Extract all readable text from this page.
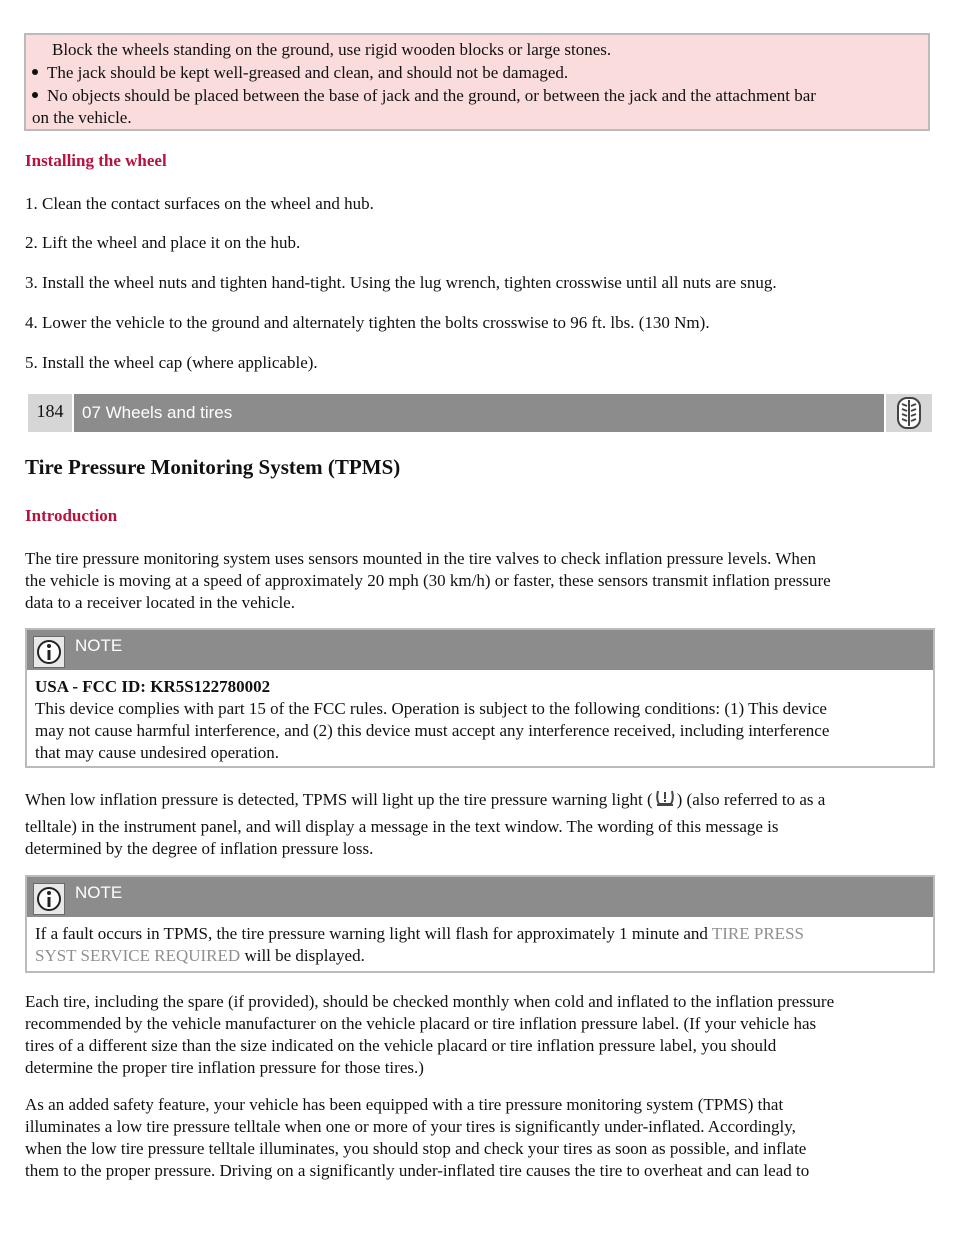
Block the wheels standing on the ground, use rigid wooden blocks or large stones.
The jack should be kept well-greased and clean, and should not be damaged.
No objects should be placed between the base of jack and the ground, or between the jack and the attachment bar
on the vehicle.
Installing the wheel
1. Clean the contact surfaces on the wheel and hub.
2. Lift the wheel and place it on the hub.
3. Install the wheel nuts and tighten hand-tight. Using the lug wrench, tighten crosswise until all nuts are snug.
4. Lower the vehicle to the ground and alternately tighten the bolts crosswise to 96 ft. lbs. (130 Nm).
5. Install the wheel cap (where applicable).
184	07 Wheels and tires
Tire Pressure Monitoring System (TPMS)
Introduction
The tire pressure monitoring system uses sensors mounted in the tire valves to check inflation pressure levels. When
the vehicle is moving at a speed of approximately 20 mph (30 km/h) or faster, these sensors transmit inflation pressure
data to a receiver located in the vehicle.
NOTE
USA - FCC ID: KR5S122780002
This device complies with part 15 of the FCC rules. Operation is subject to the following conditions: (1) This device
may not cause harmful interference, and (2) this device must accept any interference received, including interference
that may cause undesired operation.
When low inflation pressure is detected, TPMS will light up the tire pressure warning light ( ) (also referred to as a
telltale) in the instrument panel, and will display a message in the text window. The wording of this message is
determined by the degree of inflation pressure loss.
NOTE
If a fault occurs in TPMS, the tire pressure warning light will flash for approximately 1 minute and TIRE PRESS
SYST SERVICE REQUIRED will be displayed.
Each tire, including the spare (if provided), should be checked monthly when cold and inflated to the inflation pressure
recommended by the vehicle manufacturer on the vehicle placard or tire inflation pressure label. (If your vehicle has
tires of a different size than the size indicated on the vehicle placard or tire inflation pressure label, you should
determine the proper tire inflation pressure for those tires.)
As an added safety feature, your vehicle has been equipped with a tire pressure monitoring system (TPMS) that
illuminates a low tire pressure telltale when one or more of your tires is significantly under-inflated. Accordingly,
when the low tire pressure telltale illuminates, you should stop and check your tires as soon as possible, and inflate
them to the proper pressure. Driving on a significantly under-inflated tire causes the tire to overheat and can lead to
